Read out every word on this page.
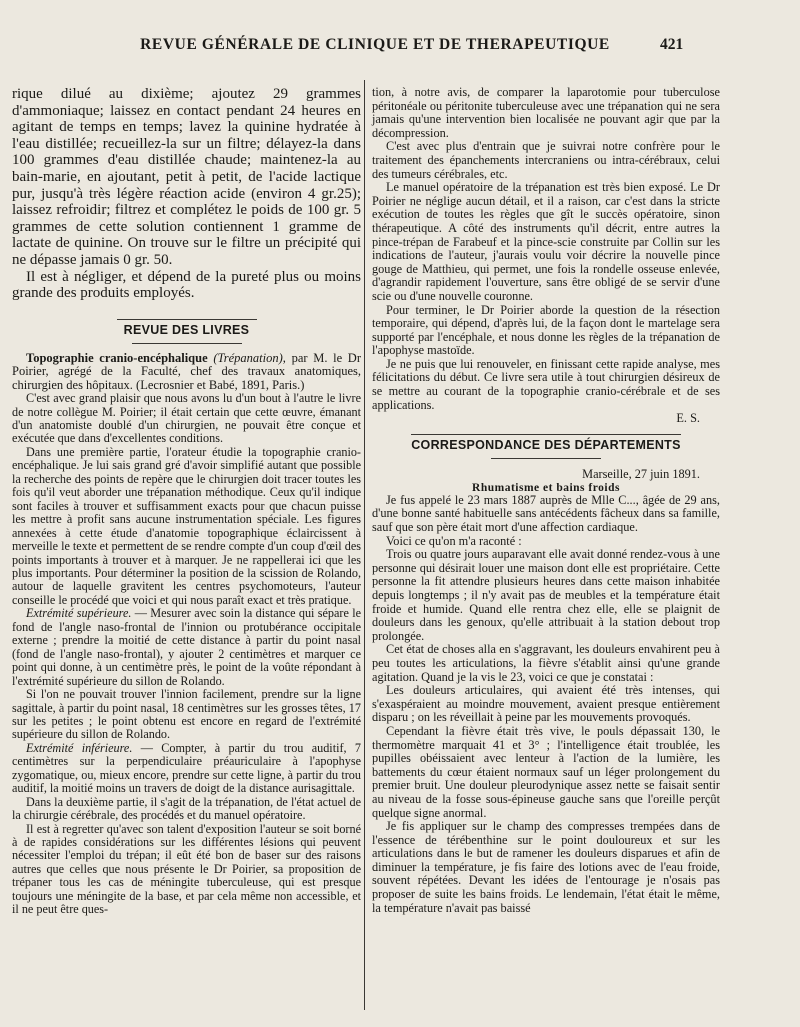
REVUE GÉNÉRALE DE CLINIQUE ET DE THERAPEUTIQUE	421

rique dilué au dixième; ajoutez 29 grammes d'ammoniaque; laissez en contact pendant 24 heures en agitant de temps en temps; lavez la quinine hydratée à l'eau distillée; recueillez-la sur un filtre; délayez-la dans 100 grammes d'eau distillée chaude; maintenez-la au bain-marie, en ajoutant, petit à petit, de l'acide lactique pur, jusqu'à très légère réaction acide (environ 4 gr.25); laissez refroidir; filtrez et complétez le poids de 100 gr. 5 grammes de cette solution contiennent 1 gramme de lactate de quinine. On trouve sur le filtre un précipité qui ne dépasse jamais 0 gr. 50.

Il est à négliger, et dépend de la pureté plus ou moins grande des produits employés.

REVUE DES LIVRES

Topographie cranio-encéphalique (Trépanation), par M. le Dr Poirier, agrégé de la Faculté, chef des travaux anatomiques, chirurgien des hôpitaux. (Lecrosnier et Babé, 1891, Paris.)

C'est avec grand plaisir que nous avons lu d'un bout à l'autre le livre de notre collègue M. Poirier; il était certain que cette œuvre, émanant d'un anatomiste doublé d'un chirurgien, ne pouvait être conçue et exécutée que dans d'excellentes conditions.

Dans une première partie, l'orateur étudie la topographie cranio-encéphalique. Je lui sais grand gré d'avoir simplifié autant que possible la recherche des points de repère que le chirurgien doit tracer toutes les fois qu'il veut aborder une trépanation méthodique. Ceux qu'il indique sont faciles à trouver et suffisamment exacts pour que chacun puisse les mettre à profit sans aucune instrumentation spéciale. Les figures annexées à cette étude d'anatomie topographique éclaircissent à merveille le texte et permettent de se rendre compte d'un coup d'œil des points importants à trouver et à marquer. Je ne rappellerai ici que les plus importants. Pour déterminer la position de la scission de Rolando, autour de laquelle gravitent les centres psychomoteurs, l'auteur conseille le procédé que voici et qui nous paraît exact et très pratique.

Extrémité supérieure. — Mesurer avec soin la distance qui sépare le fond de l'angle naso-frontal de l'innion ou protubérance occipitale externe ; prendre la moitié de cette distance à partir du point nasal (fond de l'angle naso-frontal), y ajouter 2 centimètres et marquer ce point qui donne, à un centimètre près, le point de la voûte répondant à l'extrémité supérieure du sillon de Rolando.

Si l'on ne pouvait trouver l'innion facilement, prendre sur la ligne sagittale, à partir du point nasal, 18 centimètres sur les grosses têtes, 17 sur les petites ; le point obtenu est encore en regard de l'extrémité supérieure du sillon de Rolando.

Extrémité inférieure. — Compter, à partir du trou auditif, 7 centimètres sur la perpendiculaire préauriculaire à l'apophyse zygomatique, ou, mieux encore, prendre sur cette ligne, à partir du trou auditif, la moitié moins un travers de doigt de la distance aurisagittale.

Dans la deuxième partie, il s'agit de la trépanation, de l'état actuel de la chirurgie cérébrale, des procédés et du manuel opératoire.

Il est à regretter qu'avec son talent d'exposition l'auteur se soit borné à de rapides considérations sur les différentes lésions qui peuvent nécessiter l'emploi du trépan; il eût été bon de baser sur des raisons autres que celles que nous présente le Dr Poirier, sa proposition de trépaner tous les cas de méningite tuberculeuse, qui est presque toujours une méningite de la base, et par cela même non accessible, et il ne peut être ques-

tion, à notre avis, de comparer la laparotomie pour tuberculose péritonéale ou péritonite tuberculeuse avec une trépanation qui ne sera jamais qu'une intervention bien localisée ne pouvant agir que par la décompression.

C'est avec plus d'entrain que je suivrai notre confrère pour le traitement des épanchements intercraniens ou intra-cérébraux, celui des tumeurs cérébrales, etc.

Le manuel opératoire de la trépanation est très bien exposé. Le Dr Poirier ne néglige aucun détail, et il a raison, car c'est dans la stricte exécution de toutes les règles que gît le succès opératoire, sinon thérapeutique. A côté des instruments qu'il décrit, entre autres la pince-trépan de Farabeuf et la pince-scie construite par Collin sur les indications de l'auteur, j'aurais voulu voir décrire la nouvelle pince gouge de Matthieu, qui permet, une fois la rondelle osseuse enlevée, d'agrandir rapidement l'ouverture, sans être obligé de se servir d'une scie ou d'une nouvelle couronne.

Pour terminer, le Dr Poirier aborde la question de la résection temporaire, qui dépend, d'après lui, de la façon dont le martelage sera supporté par l'encéphale, et nous donne les règles de la trépanation de l'apophyse mastoïde.

Je ne puis que lui renouveler, en finissant cette rapide analyse, mes félicitations du début. Ce livre sera utile à tout chirurgien désireux de se mettre au courant de la topographie cranio-cérébrale et de ses applications.

E. S.

CORRESPONDANCE DES DÉPARTEMENTS
Marseille, 27 juin 1891.
Rhumatisme et bains froids

Je fus appelé le 23 mars 1887 auprès de Mlle C..., âgée de 29 ans, d'une bonne santé habituelle sans antécédents fâcheux dans sa famille, sauf que son père était mort d'une affection cardiaque.

Voici ce qu'on m'a raconté :

Trois ou quatre jours auparavant elle avait donné rendez-vous à une personne qui désirait louer une maison dont elle est propriétaire. Cette personne la fit attendre plusieurs heures dans cette maison inhabitée depuis longtemps ; il n'y avait pas de meubles et la température était froide et humide. Quand elle rentra chez elle, elle se plaignit de douleurs dans les genoux, qu'elle attribuait à la station debout trop prolongée.

Cet état de choses alla en s'aggravant, les douleurs envahirent peu à peu toutes les articulations, la fièvre s'établit ainsi qu'une grande agitation. Quand je la vis le 23, voici ce que je constatai :

Les douleurs articulaires, qui avaient été très intenses, qui s'exaspéraient au moindre mouvement, avaient presque entièrement disparu ; on les réveillait à peine par les mouvements provoqués.

Cependant la fièvre était très vive, le pouls dépassait 130, le thermomètre marquait 41 et 3° ; l'intelligence était troublée, les pupilles obéissaient avec lenteur à l'action de la lumière, les battements du cœur étaient normaux sauf un léger prolongement du premier bruit. Une douleur pleurodynique assez nette se faisait sentir au niveau de la fosse sous-épineuse gauche sans que l'oreille perçût quelque signe anormal.

Je fis appliquer sur le champ des compresses trempées dans de l'essence de térébenthine sur le point douloureux et sur les articulations dans le but de ramener les douleurs disparues et afin de diminuer la température, je fis faire des lotions avec de l'eau froide, souvent répétées. Devant les idées de l'entourage je n'osais pas proposer de suite les bains froids. Le lendemain, l'état était le même, la température n'avait pas baissé
